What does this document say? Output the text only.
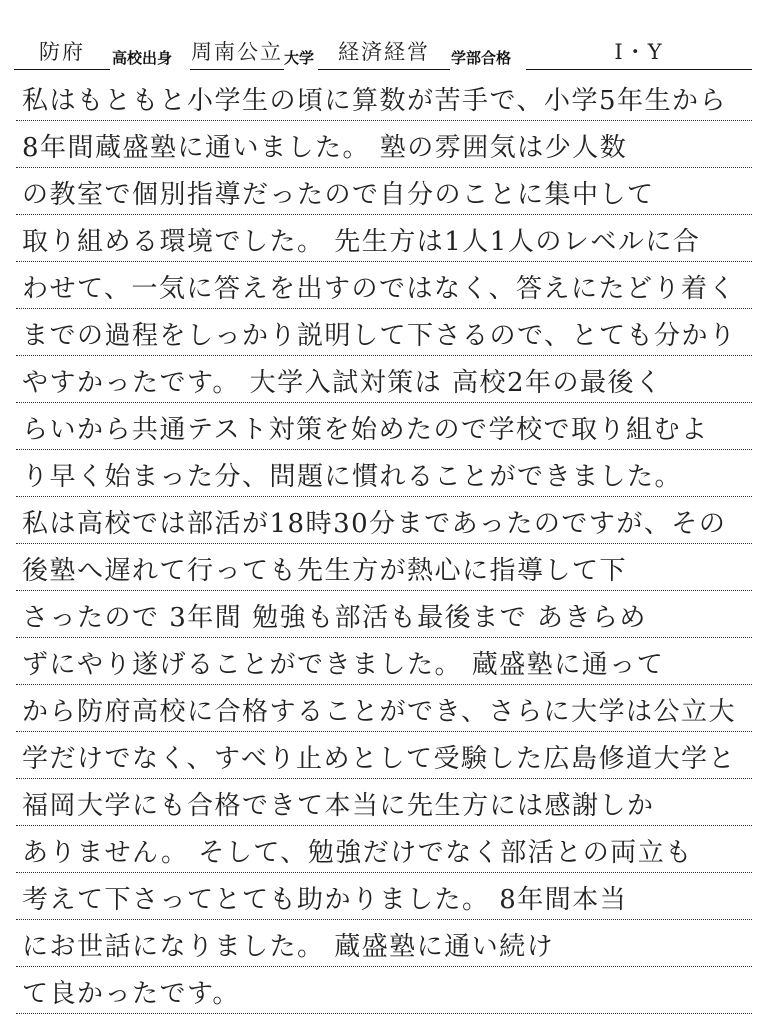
防府	高校出身 周南公立 大学	経済経営	学部合格	I・Y
私はもともと小学生の頃に算数が苦手で、小学5年生から
8年間蔵盛塾に通いました。 塾の雰囲気は少人数
の教室で個別指導だったので自分のことに集中して
取り組める環境でした。 先生方は1人1人のレベルに合
わせて、一気に答えを出すのではなく、答えにたどり着く
までの過程をしっかり説明して下さるので、とても分かり
やすかったです。 大学入試対策は 高校2年の最後く
らいから共通テスト対策を始めたので学校で取り組むよ
り早く始まった分、問題に慣れることができました。
私は高校では部活が18時30分まであったのですが、その
後塾へ遅れて行っても先生方が熱心に指導して下
さったので 3年間 勉強も部活も最後まで あきらめ
ずにやり遂げることができました。 蔵盛塾に通って
から防府高校に合格することができ、さらに大学は公立大
学だけでなく、すべり止めとして受験した広島修道大学と
福岡大学にも合格できて本当に先生方には感謝しか
ありません。 そして、勉強だけでなく部活との両立も
考えて下さってとても助かりました。 8年間本当
にお世話になりました。 蔵盛塾に通い続け
て良かったです。
